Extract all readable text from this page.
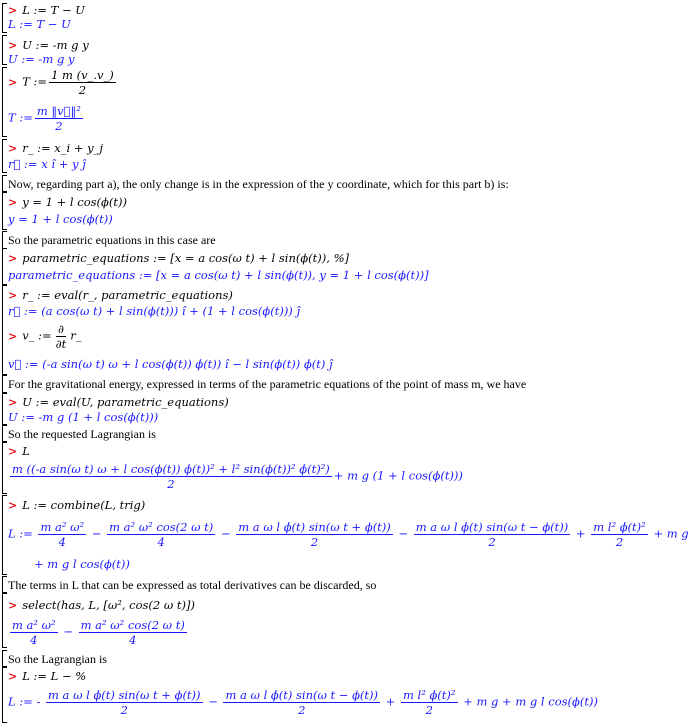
> L := T − U
L := T − U
> U := -m g y
U := -m g y
> T := $\frac{1 m (v\_.v\_)}{2}$
T := $\frac{\text{m ‖v⃗‖²}}{2}$
> r_ := x_i + y_j
r⃗ := x î + y ĵ
Now, regarding part a), the only change is in the expression of the y coordinate, which for this part b) is:
> y = 1 + l cos(ϕ(t))
y = 1 + l cos(ϕ(t))
So the parametric equations in this case are
> parametric_equations := [x = a cos(ω t) + l sin(ϕ(t)), %]
parametric_equations := [x = a cos(ω t) + l sin(ϕ(t)), y = 1 + l cos(ϕ(t))]
> r_ := eval(r_, parametric_equations)
r⃗ := (a cos(ω t) + l sin(ϕ(t))) î + (1 + l cos(ϕ(t))) ĵ
> v_ := $\frac{\partial}{\partial t}$ r_
v⃗ := (-a sin(ω t) ω + l cos(ϕ(t)) ϕ̇(t)) î − l sin(ϕ(t)) ϕ̇(t) ĵ
For the gravitational energy, expressed in terms of the parametric equations of the point of mass m, we have
> U := eval(U, parametric_equations)
U := -m g (1 + l cos(ϕ(t)))
So the requested Lagrangian is
> L
m ((-a sin(ω t) ω + l cos(ϕ(t)) ϕ̇(t))² + l² sin(ϕ(t))² ϕ̇(t)²)
2
+ m g (1 + l cos(ϕ(t)))
> L := combine(L, trig)
L := $\frac{\text{m a² ω²}}{4} - \frac{\text{m a² ω² cos(2 ω t)}}{4} - \frac{\text{m a ω l ϕ̇(t) sin(ω t + ϕ(t))}}{2} - \frac{\text{m a ω l ϕ̇(t) sin(ω t − ϕ(t))}}{2} + \frac{\text{m l² ϕ̇(t)²}}{2} + m$ g
+ m g l cos(ϕ(t))
The terms in L that can be expressed as total derivatives can be discarded, so
> select(has, L, [ω², cos(2 ω t)])
$\frac{\text{m a² ω²}}{4} - \frac{\text{m a² ω² cos(2 ω t)}}{4}$
So the Lagrangian is
> L := L − %
L := - $\frac{\text{m a ω l ϕ̇(t) sin(ω t + ϕ(t))}}{2} - \frac{\text{m a ω l ϕ̇(t) sin(ω t − ϕ(t))}}{2} + \frac{\text{m l² ϕ̇(t)²}}{2} + m$ g + m g l cos(ϕ(t))
